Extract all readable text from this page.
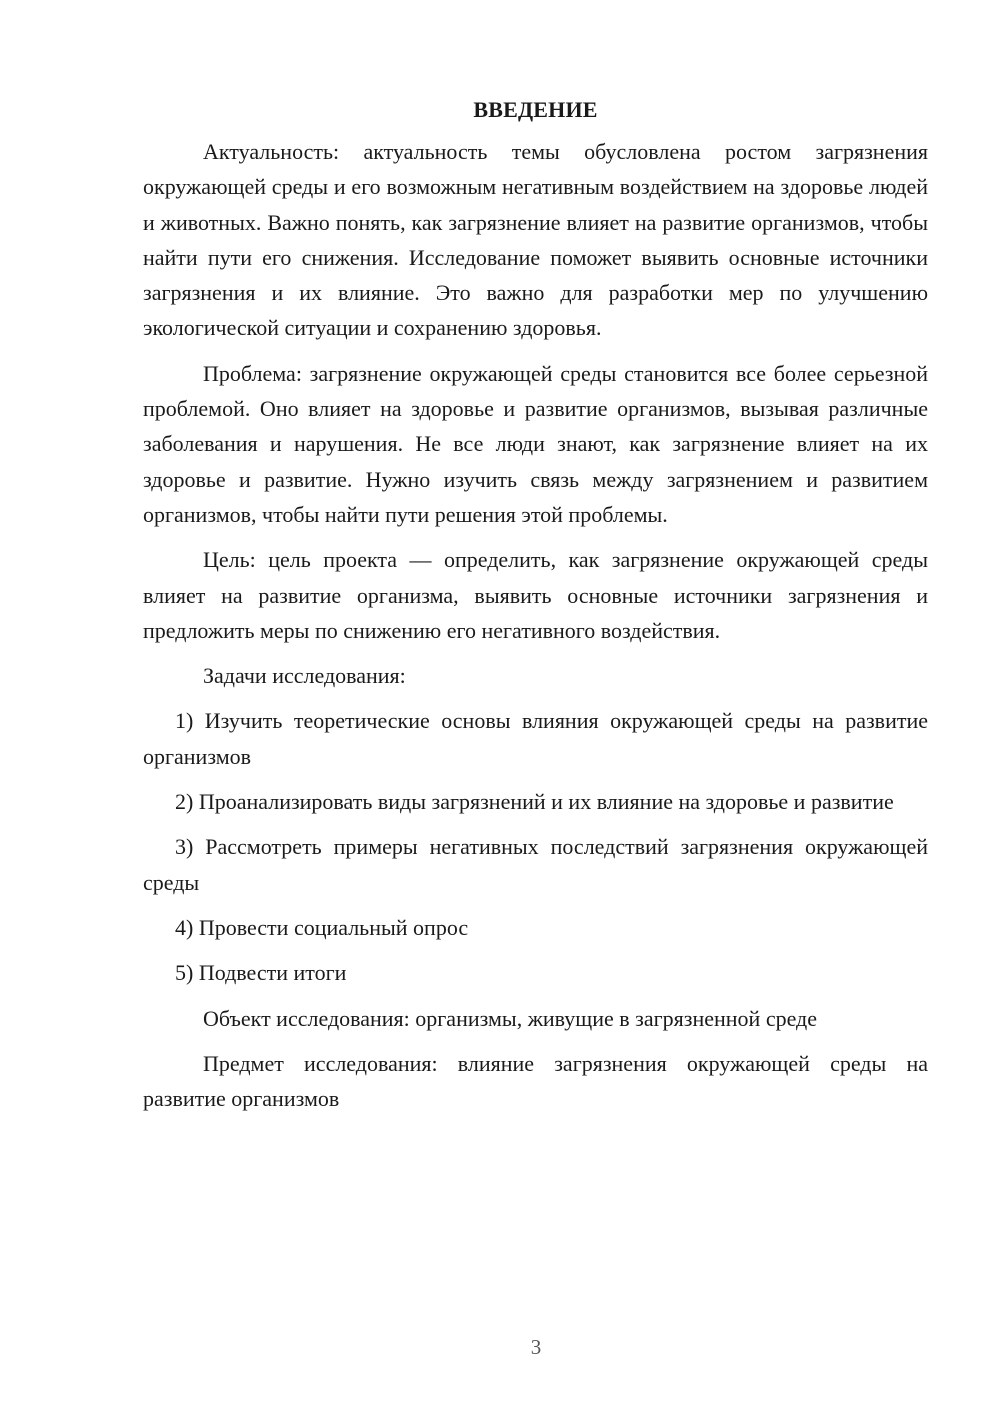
ВВЕДЕНИЕ

Актуальность: актуальность темы обусловлена ростом загрязнения окружающей среды и его возможным негативным воздействием на здоровье людей и животных. Важно понять, как загрязнение влияет на развитие организмов, чтобы найти пути его снижения. Исследование поможет выявить основные источники загрязнения и их влияние. Это важно для разработки мер по улучшению экологической ситуации и сохранению здоровья.

Проблема: загрязнение окружающей среды становится все более серьезной проблемой. Оно влияет на здоровье и развитие организмов, вызывая различные заболевания и нарушения. Не все люди знают, как загрязнение влияет на их здоровье и развитие. Нужно изучить связь между загрязнением и развитием организмов, чтобы найти пути решения этой проблемы.

Цель: цель проекта — определить, как загрязнение окружающей среды влияет на развитие организма, выявить основные источники загрязнения и предложить меры по снижению его негативного воздействия.

Задачи исследования:

1) Изучить теоретические основы влияния окружающей среды на развитие организмов

2) Проанализировать виды загрязнений и их влияние на здоровье и развитие

3) Рассмотреть примеры негативных последствий загрязнения окружающей среды

4) Провести социальный опрос

5) Подвести итоги

Объект исследования: организмы, живущие в загрязненной среде

Предмет исследования: влияние загрязнения окружающей среды на развитие организмов

3
